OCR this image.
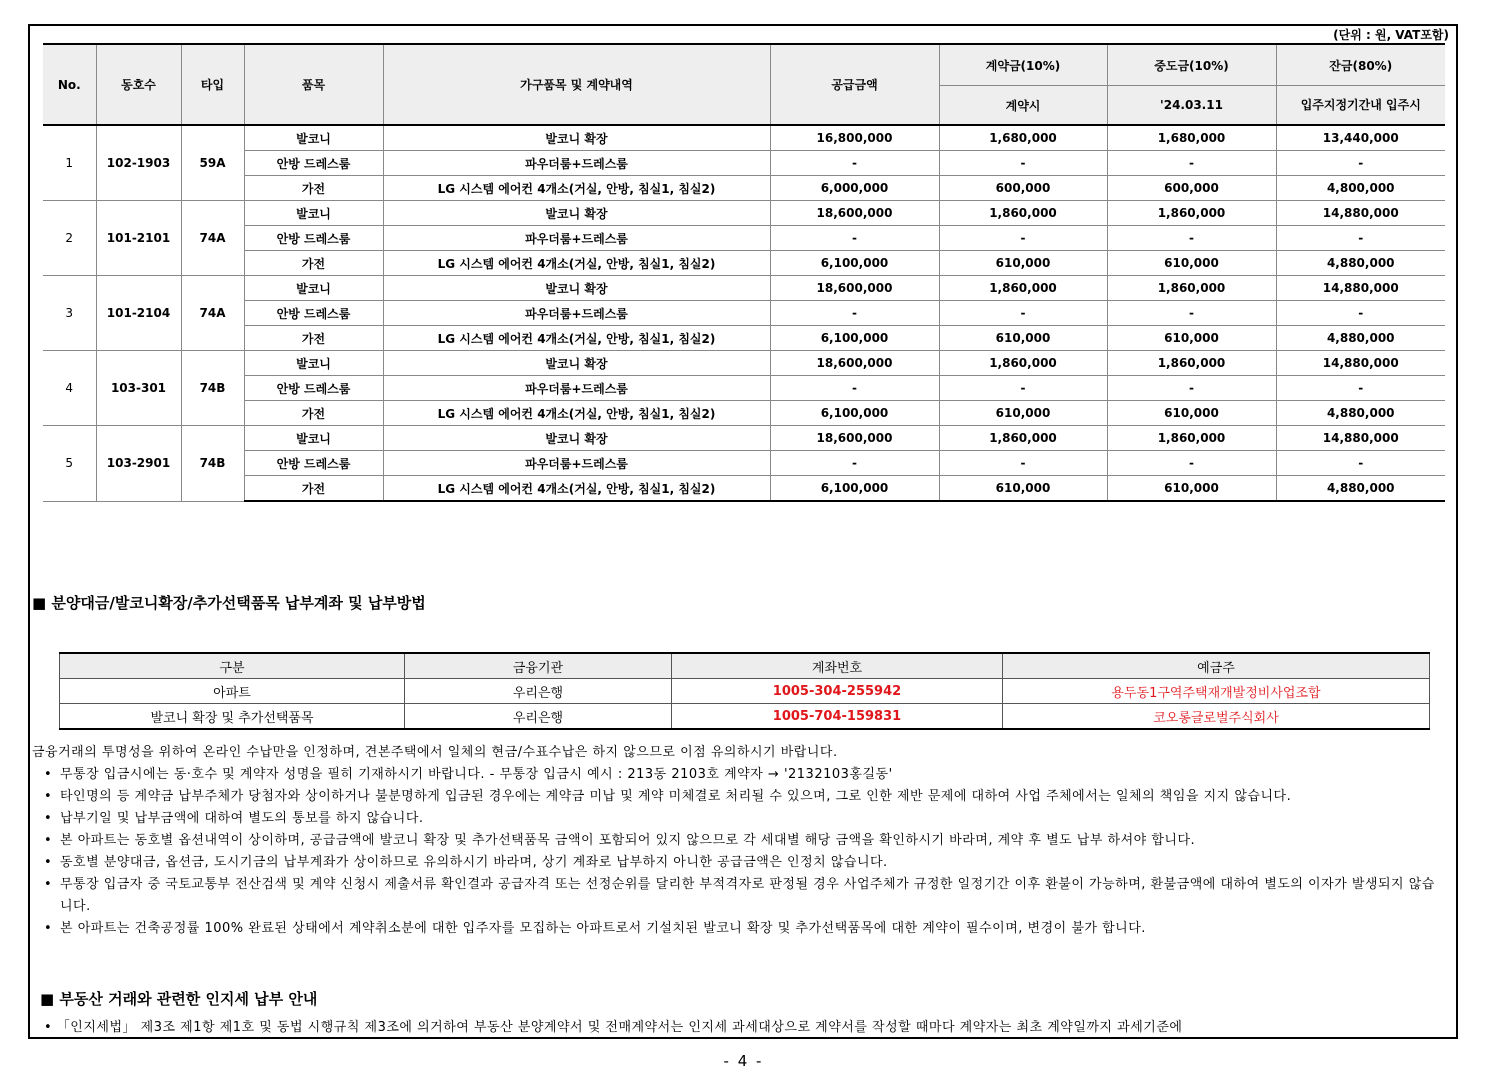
(단위 : 원, VAT포함)
No.	동호수	타입	품목	가구품목 및 계약내역	공급금액	계약금(10%)	중도금(10%)	잔금(80%)
						계약시	'24.03.11	입주지정기간내 입주시
1	102-1903	59A	발코니	발코니 확장	16,800,000	1,680,000	1,680,000	13,440,000
			안방 드레스룸	파우더룸+드레스룸	-	-	-	-
			가전	LG 시스템 에어컨 4개소(거실, 안방, 침실1, 침실2)	6,000,000	600,000	600,000	4,800,000
2	101-2101	74A	발코니	발코니 확장	18,600,000	1,860,000	1,860,000	14,880,000
			안방 드레스룸	파우더룸+드레스룸	-	-	-	-
			가전	LG 시스템 에어컨 4개소(거실, 안방, 침실1, 침실2)	6,100,000	610,000	610,000	4,880,000
3	101-2104	74A	발코니	발코니 확장	18,600,000	1,860,000	1,860,000	14,880,000
			안방 드레스룸	파우더룸+드레스룸	-	-	-	-
			가전	LG 시스템 에어컨 4개소(거실, 안방, 침실1, 침실2)	6,100,000	610,000	610,000	4,880,000
4	103-301	74B	발코니	발코니 확장	18,600,000	1,860,000	1,860,000	14,880,000
			안방 드레스룸	파우더룸+드레스룸	-	-	-	-
			가전	LG 시스템 에어컨 4개소(거실, 안방, 침실1, 침실2)	6,100,000	610,000	610,000	4,880,000
5	103-2901	74B	발코니	발코니 확장	18,600,000	1,860,000	1,860,000	14,880,000
			안방 드레스룸	파우더룸+드레스룸	-	-	-	-
			가전	LG 시스템 에어컨 4개소(거실, 안방, 침실1, 침실2)	6,100,000	610,000	610,000	4,880,000
■ 분양대금/발코니확장/추가선택품목 납부계좌 및 납부방법
구분	금융기관	계좌번호	예금주
아파트	우리은행	1005-304-255942	용두동1구역주택재개발정비사업조합
발코니 확장 및 추가선택품목	우리은행	1005-704-159831	코오롱글로벌주식회사
금융거래의 투명성을 위하여 온라인 수납만을 인정하며, 견본주택에서 일체의 현금/수표수납은 하지 않으므로 이점 유의하시기 바랍니다.
• 무통장 입금시에는 동·호수 및 계약자 성명을 필히 기재하시기 바랍니다. - 무통장 입금시 예시 : 213동 2103호 계약자 → '2132103홍길동'
• 타인명의 등 계약금 납부주체가 당첨자와 상이하거나 불분명하게 입금된 경우에는 계약금 미납 및 계약 미체결로 처리될 수 있으며, 그로 인한 제반 문제에 대하여 사업 주체에서는 일체의 책임을 지지 않습니다.
• 납부기일 및 납부금액에 대하여 별도의 통보를 하지 않습니다.
• 본 아파트는 동호별 옵션내역이 상이하며, 공급금액에 발코니 확장 및 추가선택품목 금액이 포함되어 있지 않으므로 각 세대별 해당 금액을 확인하시기 바라며, 계약 후 별도 납부 하셔야 합니다.
• 동호별 분양대금, 옵션금, 도시기금의 납부계좌가 상이하므로 유의하시기 바라며, 상기 계좌로 납부하지 아니한 공급금액은 인정치 않습니다.
• 무통장 입금자 중 국토교통부 전산검색 및 계약 신청시 제출서류 확인결과 공급자격 또는 선정순위를 달리한 부적격자로 판정될 경우 사업주체가 규정한 일정기간 이후 환불이 가능하며, 환불금액에 대하여 별도의 이자가 발생되지 않습니다.
• 본 아파트는 건축공정률 100% 완료된 상태에서 계약취소분에 대한 입주자를 모집하는 아파트로서 기설치된 발코니 확장 및 추가선택품목에 대한 계약이 필수이며, 변경이 불가 합니다.
■ 부동산 거래와 관련한 인지세 납부 안내
• 「인지세법」 제3조 제1항 제1호 및 동법 시행규칙 제3조에 의거하여 부동산 분양계약서 및 전매계약서는 인지세 과세대상으로 계약서를 작성할 때마다 계약자는 최초 계약일까지 과세기준에
- 4 -
